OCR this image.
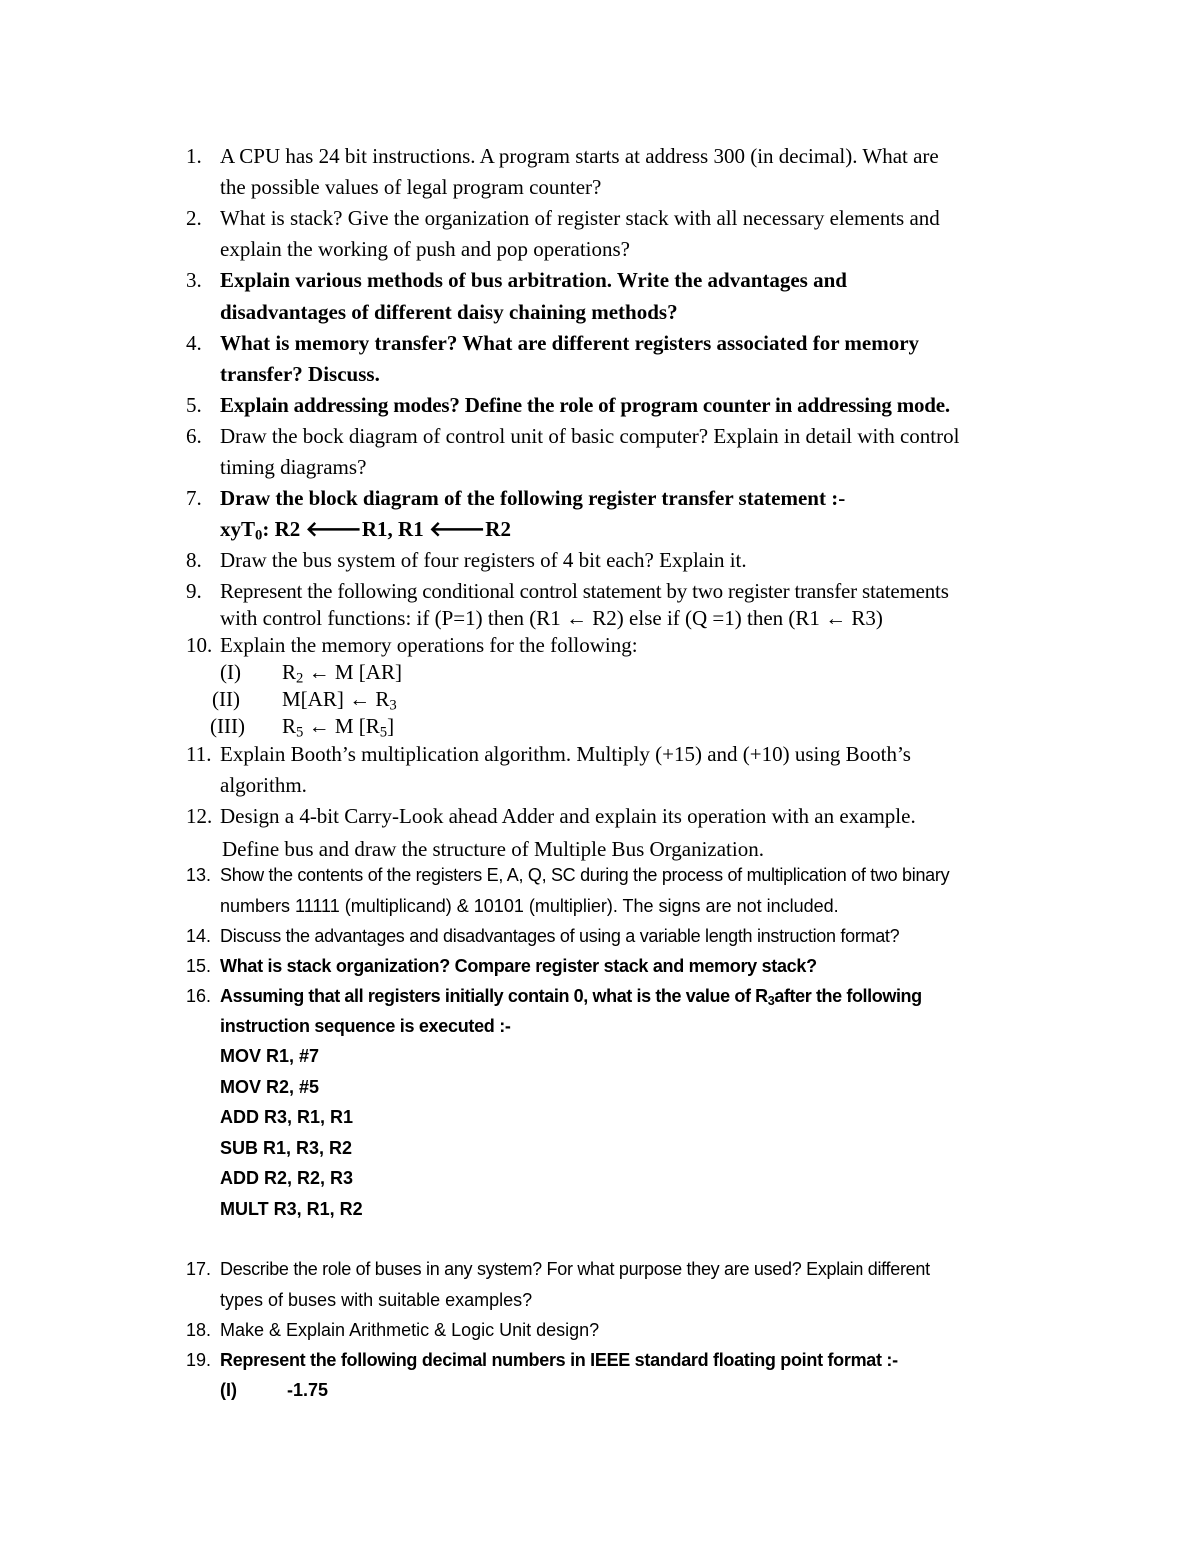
1. A CPU has 24 bit instructions. A program starts at address 300 (in decimal). What are
the possible values of legal program counter?
2. What is stack? Give the organization of register stack with all necessary elements and
explain the working of push and pop operations?
3. Explain various methods of bus arbitration. Write the advantages and
disadvantages of different daisy chaining methods?
4. What is memory transfer? What are different registers associated for memory
transfer? Discuss.
5. Explain addressing modes? Define the role of program counter in addressing mode.
6. Draw the bock diagram of control unit of basic computer? Explain in detail with control
timing diagrams?
7. Draw the block diagram of the following register transfer statement :-
xyT$_0$: R2 🡐R1, R1 🡐R2
8. Draw the bus system of four registers of 4 bit each? Explain it.
9. Represent the following conditional control statement by two register transfer statements
with control functions: if (P=1) then (R1 ← R2) else if (Q =1) then (R1 ← R3)
10. Explain the memory operations for the following:
(I) $R_2$ ← M [AR]
(II) M[AR] ← $R_3$
(III) $R_5$ ← M $[R_5]$
11. Explain Booth’s multiplication algorithm. Multiply (+15) and (+10) using Booth’s
algorithm.
12. Design a 4-bit Carry-Look ahead Adder and explain its operation with an example.
Define bus and draw the structure of Multiple Bus Organization.
13. Show the contents of the registers E, A, Q, SC during the process of multiplication of two binary
numbers 11111 (multiplicand) & 10101 (multiplier). The signs are not included.
14. Discuss the advantages and disadvantages of using a variable length instruction format?
15. What is stack organization? Compare register stack and memory stack?
16. Assuming that all registers initially contain 0, what is the value of $R_3after$ the following
instruction sequence is executed :-
MOV R1, #7
MOV R2, #5
ADD R3, R1, R1
SUB R1, R3, R2
ADD R2, R2, R3
MULT R3, R1, R2
17. Describe the role of buses in any system? For what purpose they are used? Explain different
types of buses with suitable examples?
18. Make & Explain Arithmetic & Logic Unit design?
19. Represent the following decimal numbers in IEEE standard floating point format :-
(I)	-1.75
